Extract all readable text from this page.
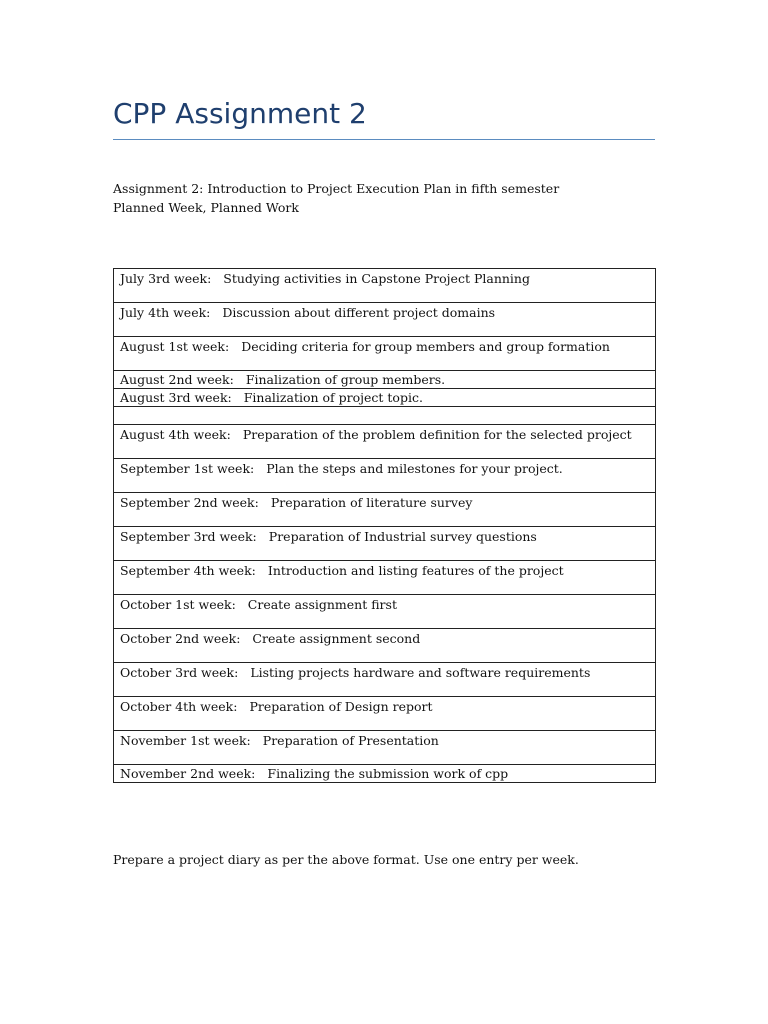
CPP Assignment 2
Assignment 2: Introduction to Project Execution Plan in fifth semester
Planned Week, Planned Work
July 3rd week: Studying activities in Capstone Project Planning

July 4th week: Discussion about different project domains

August 1st week: Deciding criteria for group members and group formation

August 2nd week: Finalization of group members.

August 3rd week: Finalization of project topic.

August 4th week: Preparation of the problem definition for the selected project

September 1st week: Plan the steps and milestones for your project.

September 2nd week: Preparation of literature survey

September 3rd week: Preparation of Industrial survey questions

September 4th week: Introduction and listing features of the project

October 1st week: Create assignment first

October 2nd week: Create assignment second

October 3rd week: Listing projects hardware and software requirements

October 4th week: Preparation of Design report

November 1st week: Preparation of Presentation

November 2nd week: Finalizing the submission work of cpp
Prepare a project diary as per the above format. Use one entry per week.
